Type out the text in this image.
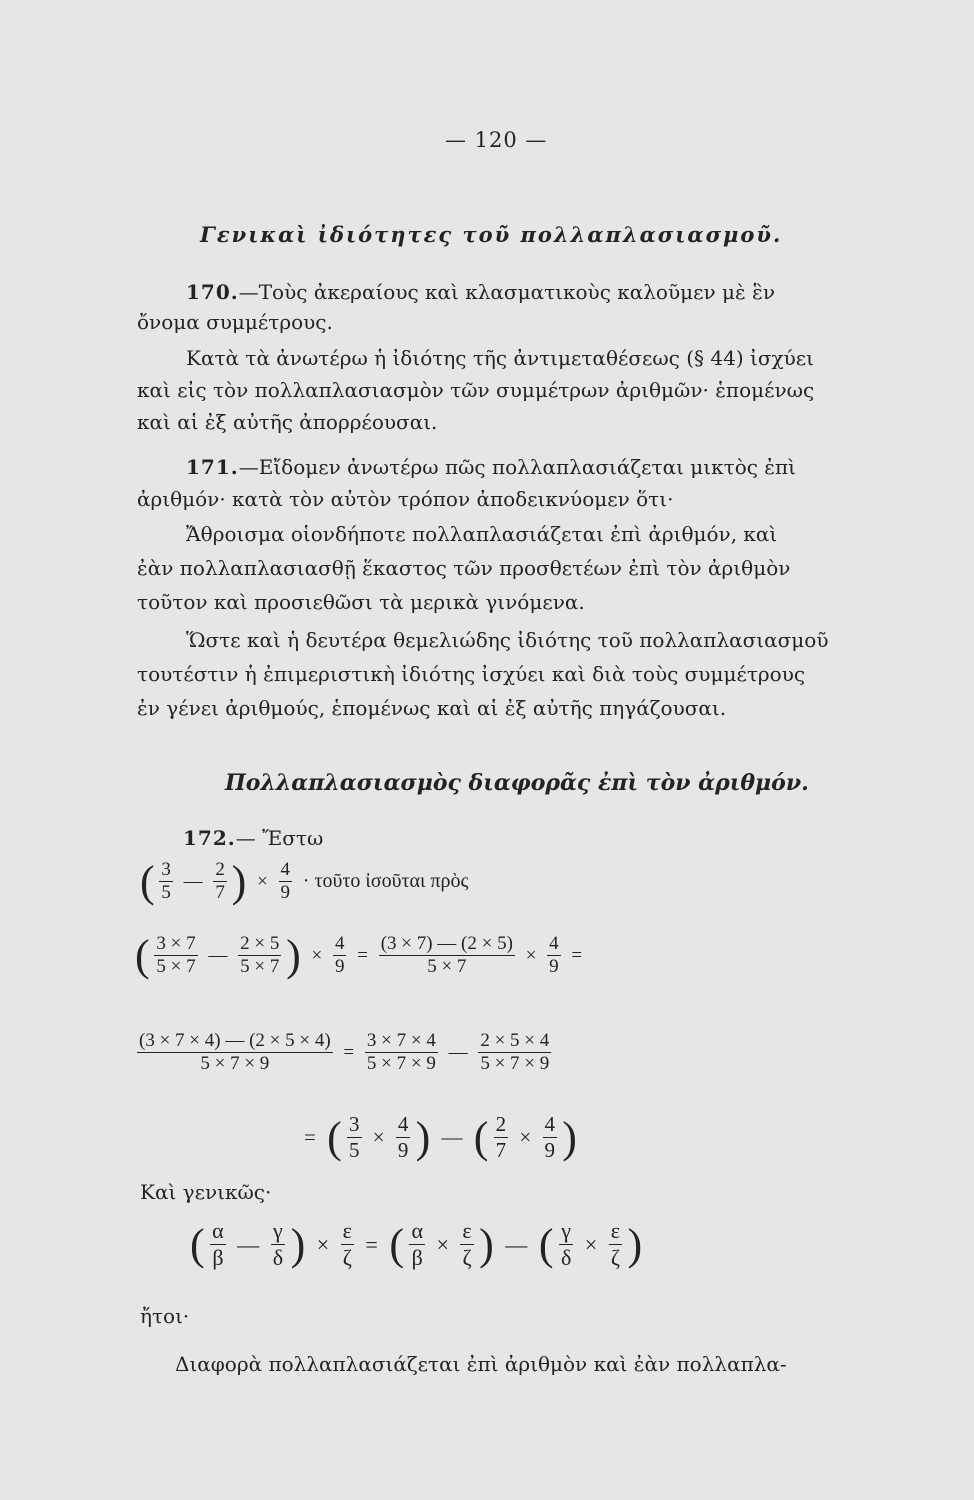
— 120 —
Γενικαὶ ἰδιότητες τοῦ πολλαπλασιασμοῦ.
170.—Τοὺς ἀκεραίους καὶ κλασματικοὺς καλοῦμεν μὲ ἓν
ὄνομα συμμέτρους.
Κατὰ τὰ ἀνωτέρω ἡ ἰδιότης τῆς ἀντιμεταθέσεως (§ 44) ἰσχύει
καὶ εἰς τὸν πολλαπλασιασμὸν τῶν συμμέτρων ἀριθμῶν· ἑπομένως
καὶ αἱ ἐξ αὐτῆς ἀπορρέουσαι.
171.—Εἴδομεν ἀνωτέρω πῶς πολλαπλασιάζεται μικτὸς ἐπὶ
ἀριθμόν· κατὰ τὸν αὐτὸν τρόπον ἀποδεικνύομεν ὅτι·
Ἄθροισμα οἱονδήποτε πολλαπλασιάζεται ἐπὶ ἀριθμόν, καὶ
ἐὰν πολλαπλασιασθῇ ἕκαστος τῶν προσθετέων ἐπὶ τὸν ἀριθμὸν
τοῦτον καὶ προσιεθῶσι τὰ μερικὰ γινόμενα.
Ὥστε καὶ ἡ δευτέρα θεμελιώδης ἰδιότης τοῦ πολλαπλασιασμοῦ
τουτέστιν ἡ ἐπιμεριστικὴ ἰδιότης ἰσχύει καὶ διὰ τοὺς συμμέτρους
ἐν γένει ἀριθμούς, ἑπομένως καὶ αἱ ἐξ αὐτῆς πηγάζουσαι.
Πολλαπλασιασμὸς διαφορᾶς ἐπὶ τὸν ἀριθμόν.
172.— Ἔστω
( $\frac{3}{5}$ — $\frac{2}{7}$ ) × $\frac{4}{9}$ · τοῦτο ἰσοῦται πρὸς
( $\frac{3 \times 7}{5 \times 7}$ — $\frac{2 \times 5}{5 \times 7}$ ) × $\frac{4}{9} = \frac{(3 \times 7) — (2 \times 5)}{5 \times 7} \times \frac{4}{9}$ =
$\frac{(3 \times 7 \times 4) — (2 \times 5 \times 4)}{5 \times 7 \times 9} = \frac{3 \times 7 \times 4}{5 \times 7 \times 9}$ — $\frac{2 \times 5 \times 4}{5 \times 7 \times 9}$
= ( $\frac{3}{5} \times \frac{4}{9}$ ) — ( $\frac{2}{7} \times \frac{4}{9}$ )
Καὶ γενικῶς·
( $\frac{\alpha}{\beta}$ — $\frac{\gamma}{\delta}$ ) × $\frac{\varepsilon}{\zeta}$ = ( $\frac{\alpha}{\beta} \times \frac{\varepsilon}{\zeta}$ ) — ( $\frac{\gamma}{\delta} \times \frac{\varepsilon}{\zeta}$ )
ἤτοι·
Διαφορὰ πολλαπλασιάζεται ἐπὶ ἀριθμὸν καὶ ἐὰν πολλαπλα-
